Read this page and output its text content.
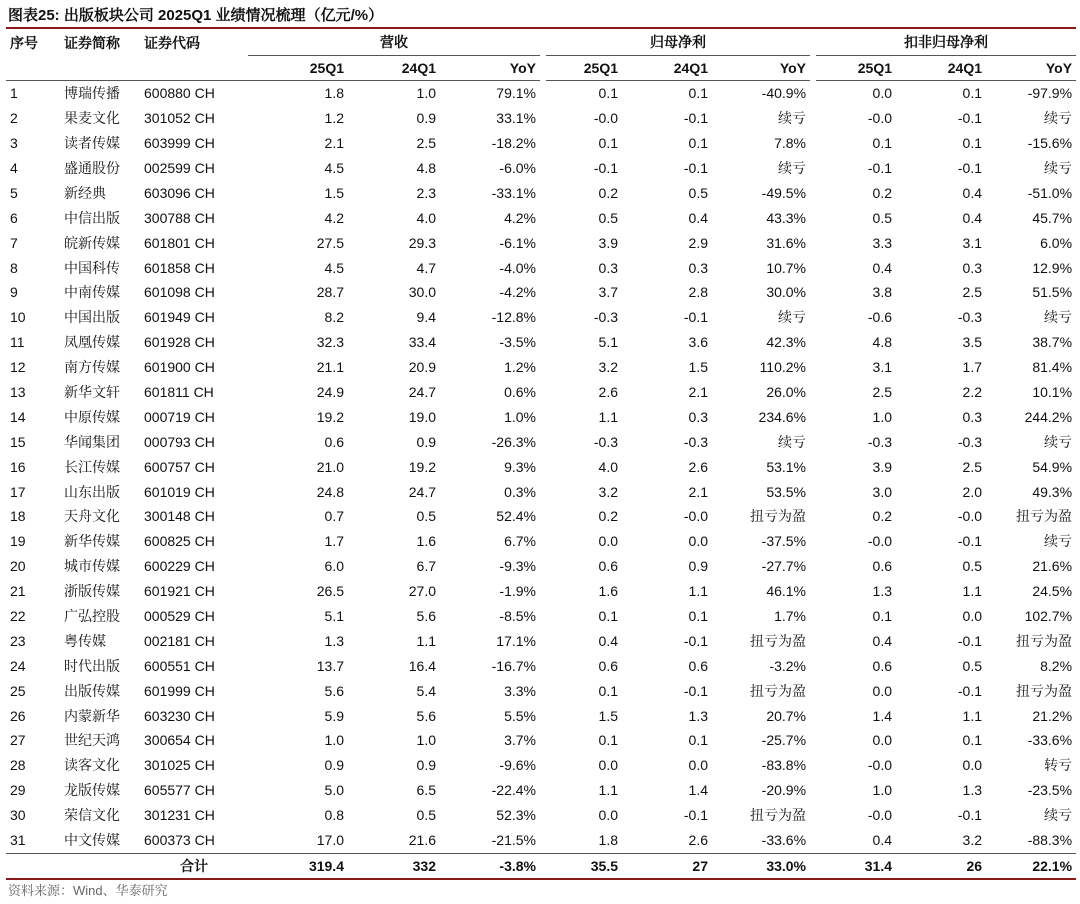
图表25: 出版板块公司 2025Q1 业绩情况梳理（亿元/%）
序号	证券简称	证券代码	营收				归母净利				扣非归母净利		
			25Q1	24Q1	YoY		25Q1	24Q1	YoY		25Q1	24Q1	YoY
1	博瑞传播	600880 CH	1.8	1.0	79.1%		0.1	0.1	-40.9%		0.0	0.1	-97.9%
2	果麦文化	301052 CH	1.2	0.9	33.1%		-0.0	-0.1	续亏		-0.0	-0.1	续亏
3	读者传媒	603999 CH	2.1	2.5	-18.2%		0.1	0.1	7.8%		0.1	0.1	-15.6%
4	盛通股份	002599 CH	4.5	4.8	-6.0%		-0.1	-0.1	续亏		-0.1	-0.1	续亏
5	新经典	603096 CH	1.5	2.3	-33.1%		0.2	0.5	-49.5%		0.2	0.4	-51.0%
6	中信出版	300788 CH	4.2	4.0	4.2%		0.5	0.4	43.3%		0.5	0.4	45.7%
7	皖新传媒	601801 CH	27.5	29.3	-6.1%		3.9	2.9	31.6%		3.3	3.1	6.0%
8	中国科传	601858 CH	4.5	4.7	-4.0%		0.3	0.3	10.7%		0.4	0.3	12.9%
9	中南传媒	601098 CH	28.7	30.0	-4.2%		3.7	2.8	30.0%		3.8	2.5	51.5%
10	中国出版	601949 CH	8.2	9.4	-12.8%		-0.3	-0.1	续亏		-0.6	-0.3	续亏
11	凤凰传媒	601928 CH	32.3	33.4	-3.5%		5.1	3.6	42.3%		4.8	3.5	38.7%
12	南方传媒	601900 CH	21.1	20.9	1.2%		3.2	1.5	110.2%		3.1	1.7	81.4%
13	新华文轩	601811 CH	24.9	24.7	0.6%		2.6	2.1	26.0%		2.5	2.2	10.1%
14	中原传媒	000719 CH	19.2	19.0	1.0%		1.1	0.3	234.6%		1.0	0.3	244.2%
15	华闻集团	000793 CH	0.6	0.9	-26.3%		-0.3	-0.3	续亏		-0.3	-0.3	续亏
16	长江传媒	600757 CH	21.0	19.2	9.3%		4.0	2.6	53.1%		3.9	2.5	54.9%
17	山东出版	601019 CH	24.8	24.7	0.3%		3.2	2.1	53.5%		3.0	2.0	49.3%
18	天舟文化	300148 CH	0.7	0.5	52.4%		0.2	-0.0	扭亏为盈		0.2	-0.0	扭亏为盈
19	新华传媒	600825 CH	1.7	1.6	6.7%		0.0	0.0	-37.5%		-0.0	-0.1	续亏
20	城市传媒	600229 CH	6.0	6.7	-9.3%		0.6	0.9	-27.7%		0.6	0.5	21.6%
21	浙版传媒	601921 CH	26.5	27.0	-1.9%		1.6	1.1	46.1%		1.3	1.1	24.5%
22	广弘控股	000529 CH	5.1	5.6	-8.5%		0.1	0.1	1.7%		0.1	0.0	102.7%
23	粤传媒	002181 CH	1.3	1.1	17.1%		0.4	-0.1	扭亏为盈		0.4	-0.1	扭亏为盈
24	时代出版	600551 CH	13.7	16.4	-16.7%		0.6	0.6	-3.2%		0.6	0.5	8.2%
25	出版传媒	601999 CH	5.6	5.4	3.3%		0.1	-0.1	扭亏为盈		0.0	-0.1	扭亏为盈
26	内蒙新华	603230 CH	5.9	5.6	5.5%		1.5	1.3	20.7%		1.4	1.1	21.2%
27	世纪天鸿	300654 CH	1.0	1.0	3.7%		0.1	0.1	-25.7%		0.0	0.1	-33.6%
28	读客文化	301025 CH	0.9	0.9	-9.6%		0.0	0.0	-83.8%		-0.0	0.0	转亏
29	龙版传媒	605577 CH	5.0	6.5	-22.4%		1.1	1.4	-20.9%		1.0	1.3	-23.5%
30	荣信文化	301231 CH	0.8	0.5	52.3%		0.0	-0.1	扭亏为盈		-0.0	-0.1	续亏
31	中文传媒	600373 CH	17.0	21.6	-21.5%		1.8	2.6	-33.6%		0.4	3.2	-88.3%
		合计	319.4	332	-3.8%		35.5	27	33.0%		31.4	26	22.1%
资料来源：Wind、华泰研究
